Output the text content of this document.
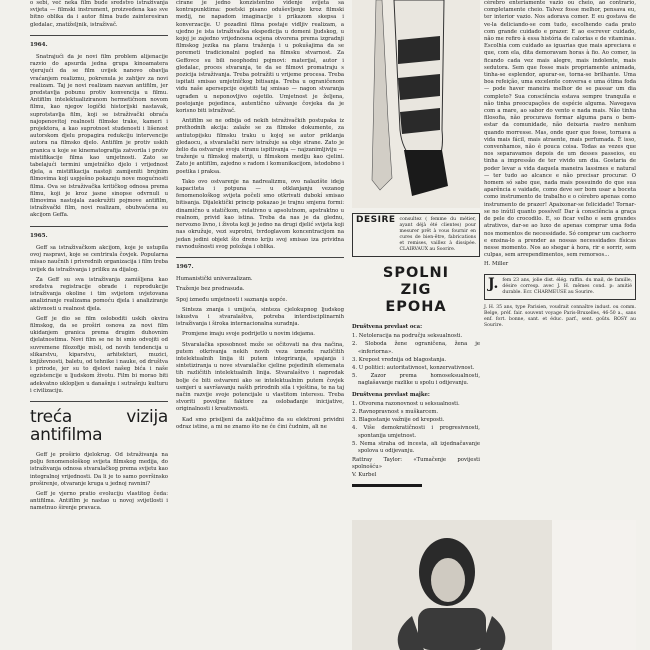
o sebi, već neka film bude sredstvo istraživanja svijeta — filmski instrument, proizvedena kao sve bitno oblika da i autor filma bude zainteresiran gledalac, znatiželjnik, istraživač.

1964.

Snatrajući da je novi film problem alijenacije razvio do apsurda jedna grupa kinoamatera vjerujući da se film uvijek nanovo obavlja vraćanjem realizmu, pokrenula je zahtjev za novi realizam. Taj je novi realizam nazvan antifilm, jer predstavlja pobunu protiv konvencija u filmu. Antifilm intelektualiziranom hermetičnom novom filmu, kao njegov logički historijski nastavak, suprotstavlja film, koji se istraživački obraća najopenovitoj realnosti filmske trake, kameri i projektora, a kao suprotnost studenosti i lišenost autorskom djelu propagira redukciju intervencije autora na filmsko djelo. Antifilm je protiv uskih granica u koje se kinematografija zatvorila i protiv mistifikacije filma kao umjetnosti. Zato se tabelajući termini umjetničko djelo i vrijednost djela, a mistifikacija nastoji zamijeniti brojnim filmovima koji uspješno pokazuju nove mogućnosti filma. Ova se istraživačka kritičkog odnosa prema filmu, koji je kroz jasne sinopse odvrnuli u filmovima nastojala zaokružiti pojmove antifilm, istraživački film, novi realizam, obuhvaćena su akcijom Geffa.

1965.

Geff sa istraživačkom akcijom, koje je ustupila ovoj raspravi, koje se centrirala čovjek. Popularna misao naučnih i privrednih organizacija i film treba uvijek da istraživanja i priliku za dijalog.

Za Geff su sva istraživanja zamišljena kao sredstva registracije obrade i reprodukcije istraživanja okoline i tim svijetom uvjetovana analiziranje realizama pomoću djela i analiziranje aktivnosti u realnost djela.

Geff je dio se film osloboditi uskih okvira filmskog, da se proširi osnova za novi film ukidanjem granica prema drugim duhovnim djelatnostima. Novi film se ne bi smio odvojiti od suvremene filozofije misli, od novih tendencija u slikarstvu, kiparstvu, arhitekturi, muzici, književnosti, baletu, od tehnike i nauke, od društva i prirode, jer su to djelovi našeg bića i naše egzistencije u ljudskom životu. Film bi morao biti adekvatno uklopljen u današnju i sutrašnju kulturu i civilizaciju.

treća vizija antifilma

Geff je proširio djelokrug. Od istraživanja na polju fenomenološkog svijeta filmskog medija, do istraživanja odnosa stvaralačkog prema svijetu kao integralnoj vrijednosti. Da li je to samo površinsko proširenje, otvaranje kruga u jednoj ravnini?

Geff je vjerno pratio evoluciju vlastitog čeda: antifilma. Antifilm je nastao u novoj svijetlosti i nametnuo širenje pravaca.

cirane je jedno konzistentno videnje svijeta sa kontrapunktima: poetski pisano oduševljenje kroz filmski medij, ne napadom imaginacije i prikazom skepsa i konverzacije. U pozadini filma postaje vidljiv realizam, a ujedno je ista istraživačka ekspedicija u domeni ljudskog, u kojoj je zajedno vrijednosna ocjena otvorena prema izgradnji filmskog jezika na planu traženja i u pokušajima da se poremeti tradicionalni pogled na filmsku stvarnost. Za Geffovce su bili neophodni pojmovi: materijal, autor i gledalac, proces stvaranja, te da se filmovi promatraju s pozicija istraživanja. Treba potražiti u vrijeme procesa. Treba ispitati smisao umjetničkog bitisanja. Treba u ograničenom vidu naše apersepcije osjetiti taj smisao — nagon stvaranja ugrađen u neponovljivo osjetilo. Umjetnost je željena, postojanje pojedinca, autentično uživanje čovjeka da je korisno biti istraživač.

Antifilm se ne odbija od nekih istraživačkih postupaka iz prethodnih akcija: zalaže se za filmske dokumente, za antiutopijsku filmsku traku u kojoj se autor priklanja gledaocu, a stvaralački nerv istražuje sa obje strane. Zato je želio da ostvaruje svoju stranu ispitivanja — najzanimljiviju — traženje u filmskoj materiji, u filmskom mediju kao cjelini. Zato je antifilm, zajedno s radom i komunikacijom, istodobno i poetika i praksa.

Tako ovo ostvarenje na nadrealizmu, ovo nalazište ideja kapaciteta i potpuna — u otklanjanju vezanog fenomenološkog svijeta počeli smo otkrivati dubokí smisao bitisanja. Dijalektički princip pokazao je trajnu smjenu formi: dinamično u statičkom, relativno u apsolutnom, apstraktno u realnom, privid kao istina. Treba da nas je da glednu, nervozno livno, i života koji je jedno na drugi djelić svijeta koji nas okružuje, vezi suprotni, tvrdoglavom koncentracijom na jedan jedini objekt što dreno kriju svoj smisao iza prividna ravnodušnosti svog položaja i oblika.

1967.

Humanistički univerzalizam.

Traženje bez predrasuda.

Spoj između umjetnosti i saznanja uopće.

Sinteza znanja i umijeća, sinteza cjelokupnog ljudskog iskustva i stvaralaštva, potreba interdisciplinarnih istraživanja i široka internacionalna suradnja.

Promjene imaju svoje podrijetlo u novim idejama.

Stvaralačka sposobnost može se očitovati na dva načina, putem otkrivanja nekih novih veza između različitih intelektualnih linija ili putem integriranja, spajanja i sintetiziranja u nove stvaralačke cjeline pojedinih elemenata tih različitih intelektualnih linija. Stvaralaštvo i napredak bolje će biti ostvareni ako se intelektualnim putem čovjek usmjeri u savršavanju naših prirodnih sila i vještina, te na taj način razvije svoje potencijale u vlastitom interesu. Treba stvoriti povoljne faktore za oslobađanje inicijative, originalnosti i kreativnosti.

Kad smo prisiljeni da zaključimo da su elektroni prividni odraz istine, a mi ne znamo što ne će ćini čudnim, ali ne

DESIRE consultez ( femme du métier, ayant déjà été clientes) pour mesurer prêt à vous fournir en cures de bien-être, fabrications et remises, vaillez à dissipée. CLAIRVAUX au Soorire.
SPOLNI
ZIG
EPOHA
Društvena prevlast oca:
1. Netoleracija na području seksualnosti.
2. Sloboda žene ograničena, žena je «inferiorna».
3. Krepost vrednija od blagostanja.
4. U politici: autoritativnost, konzervativnost.
5. Zazor prema homoseksualnosti, naglašavanje razlike u spolu i odijevanju.
Društvena prevlast majke:
1. Otvorena razonovnost u seksualnosti.
2. Ravnopravnost s muškarcem.
3. Blagostanje važnije od kreposti.
4. Više demokratičnosti i progresivnosti, spontanija umjetnost.
5. Nema straha od incesta, ali izjednačavanje spolova u odijevanju.
Rattray Taylor: «Tumačenje povijesti spolnošću»
V. Kurbel
cérebro enteriamente vazio ou cheio, ao contrario, completamente cheio. Talvez fosse melhor, pensava eu, ter interior vazio. Nos adorava comer. E eu gostava de ve-la deliciando-se com tudo, escolhendo cada prato com grande cuidado e prazer. E ao escrever cuidado, não me refiro à essa história de calorias e de vitaminas. Escolhia com cuidado as iguarias que mais apreciava e que, com ela, dita demoravam horas à fio. Ao comer, ia ficando cada vez mais alegre, mais indolente, mais sedutora. Sem que fosse mais propriamente animada, tinha-se esplendor, apurar-se, torna-se brilhante. Uma boa refeição, uma excelente conversa e uma ótima foda — pode haver maneira melhor de se passar um dia completo? Sua consciência estava sempre tranquila e não tinha preocupações de espécie alguma. Navegava com a mare, ao sabor do vento e nada mais. Não tinha filosofia, não procurava formar alguma para o bem-estar da comunidade, não deixaria rastro nenhum quando morresse. Mas, onde quer que fosse, tornava a vida mais fácil, mais atraente, mais perfumada. É isso, convenhamos, não é pouca coisa. Todas as vezes que nos separavamos depois de um desses passeios, eu tinha a impressão de ter vivido um dia. Gostaria de poder levar a vida daquela maneira lassimes e natural — ter tudo ao alcance e não precisar procurar. O homem só sabe que, nada mais possuindo do que sua aparência e vaidade, como deve ser bom usar a boceta como instrumento de trabalho e o cérebro apenas como instrumento de prazer! Apaixonar-se felicidade! Tornar-se no inútil quanto possível! Dar à consciência a graça de pele do crocodilo. E, so ficar velho e sem grandes atrativos, dar-se ao luxo de apenas comprar uma foda nos momentos de necessidade. Só comprar um cachorro e ensina-lo a prender as nossas necessidades físicas nesse momento. Nos ao shegar à hora, rir e sorrir, sem culpas, sem arrependimentos, sem remorsos...
H. Miller
J. fem 23 ans, jolie dist. élég. raffin. du mail, de famille, désire corresp. avec J. H. mêmes cond. p: amitié durable. Ecr. CHARMEUSE au Sourire.
J. H. 35 ans, type Parisien, voudrait connaître indust. ou comm. Belge, préf. fair. souvent voyage Paris-Bruxelles, 46-50 a., sans enf. fort. bonne, sant. et éduc. parf., sent. goûts. ROSY au Sourire.
